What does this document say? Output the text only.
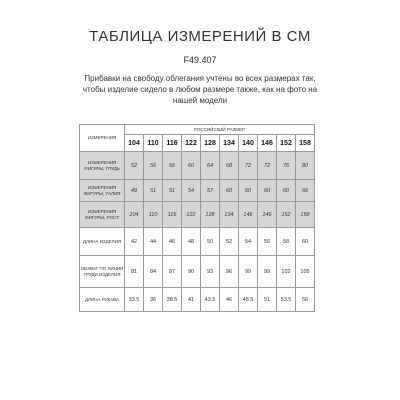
ТАБЛИЦА ИЗМЕРЕНИЙ В СМ
F49.407
Прибавки на свободу облегания учтены во всех размерах так, чтобы изделие сидело в любом размере также, как на фото на нашей модели
ИЗМЕРЕНИЯ	РОССИЙСКИЙ РАЗМЕР									
	104	110	116	122	128	134	140	146	152	158
ИЗМЕРЕНИЯ ФИГУРЫ, ГРУДЬ	52	56	56	60	64	68	72	72	76	80
ИЗМЕРЕНИЯ ФИГУРЫ, ТАЛИЯ	49	51	51	54	57	60	60	60	60	66
ИЗМЕРЕНИЯ ФИГУРЫ, РОСТ	104	110	116	122	128	134	146	146	152	158
ДЛИНА ИЗДЕЛИЯ	42	44	46	48	50	52	54	56	58	60
ОБХВАТ ПО ЛИНИИ ГРУДИ ИЗДЕЛИЯ	81	84	87	90	93	96	99	99	102	105
ДЛИНА РУКАВА	33.5	36	38.5	41	43.5	46	48.5	51	53.5	56
